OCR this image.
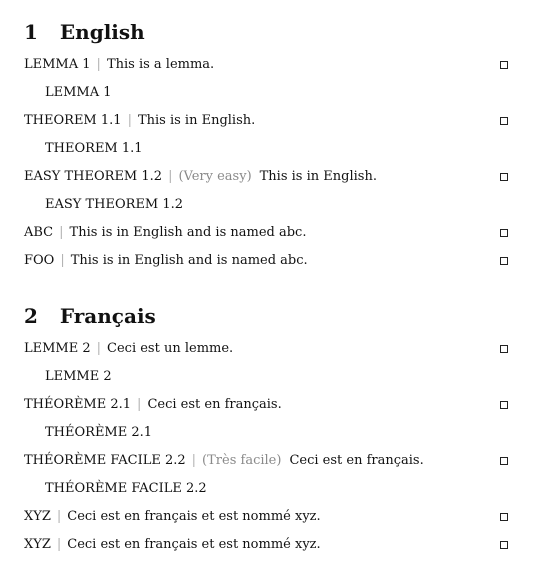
1 English
LEMMA 1 | This is a lemma.
LEMMA 1
THEOREM 1.1 | This is in English.
THEOREM 1.1
EASY THEOREM 1.2 | (Very easy) This is in English.
EASY THEOREM 1.2
ABC | This is in English and is named abc.
FOO | This is in English and is named abc.
2 Français
LEMME 2 | Ceci est un lemme.
LEMME 2
THÉORÈME 2.1 | Ceci est en français.
THÉORÈME 2.1
THÉORÈME FACILE 2.2 | (Très facile) Ceci est en français.
THÉORÈME FACILE 2.2
XYZ | Ceci est en français et est nommé xyz.
XYZ | Ceci est en français et est nommé xyz.
